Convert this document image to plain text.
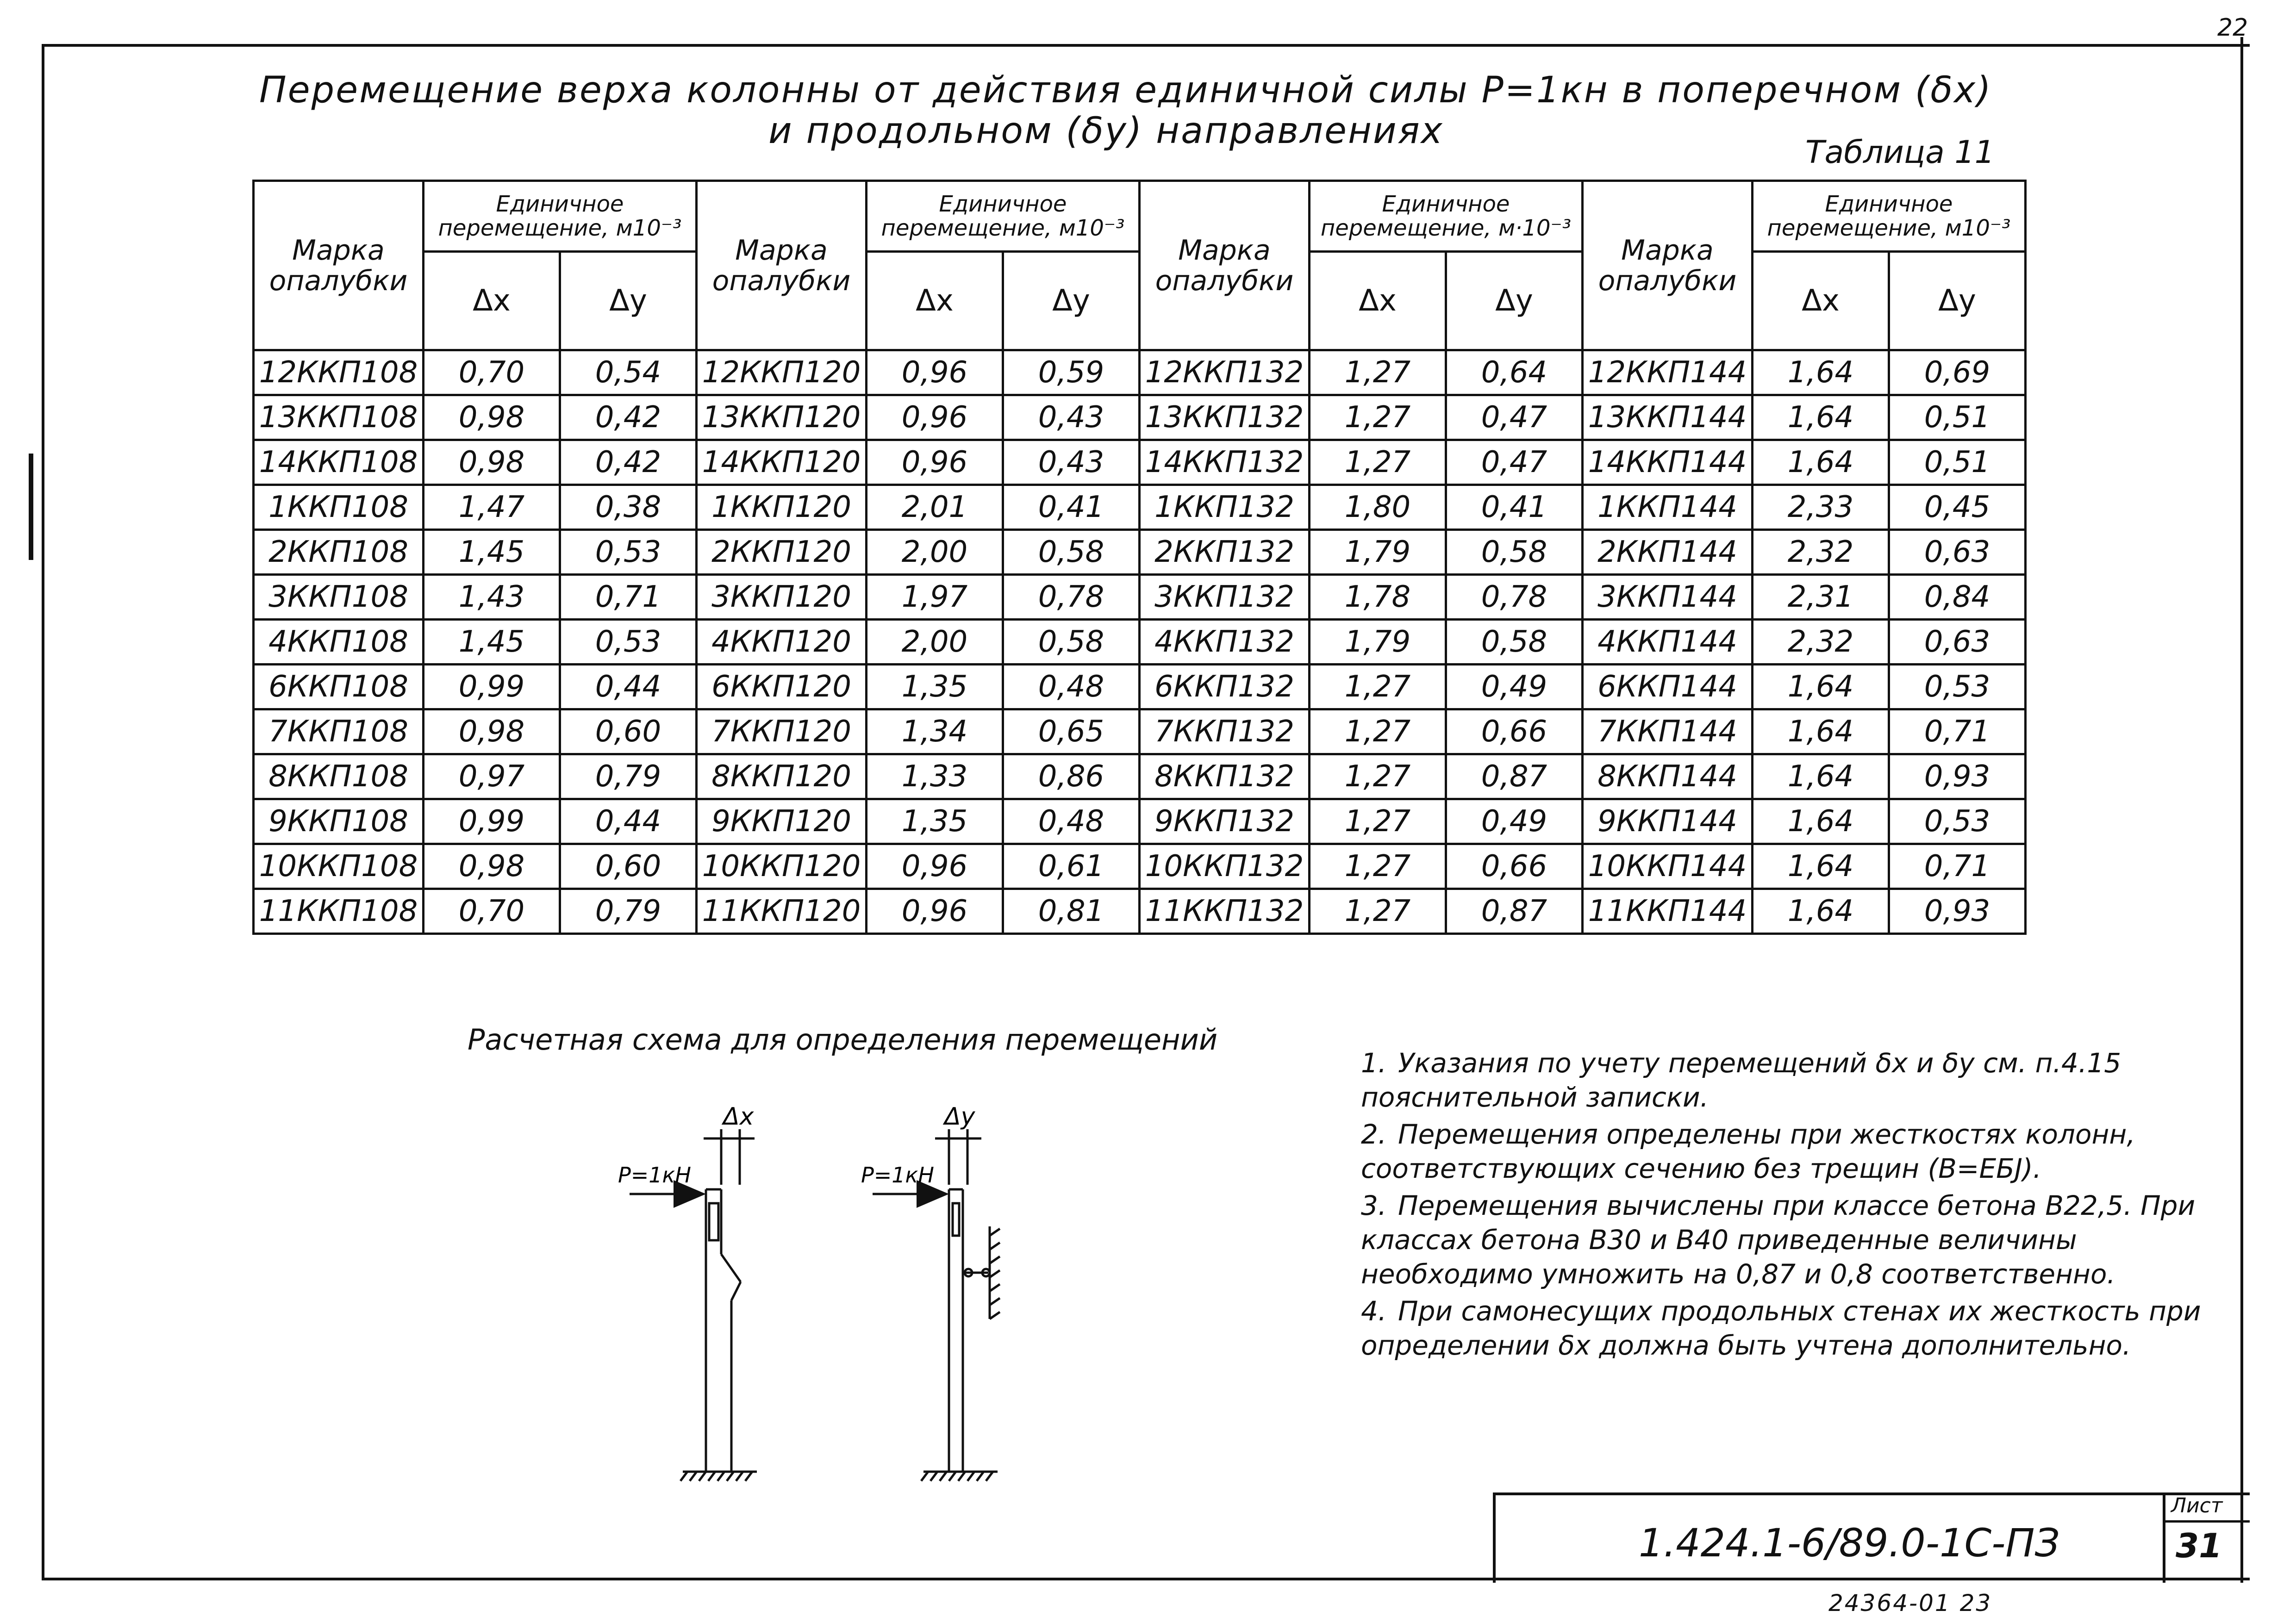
22
Перемещение верха колонны от действия единичной силы P=1кн в поперечном (δx)
и продольном (δy) направлениях
Таблица 11
Марка опалубки	Единичное перемещение, м10⁻³		Марка опалубки	Единичное перемещение, м10⁻³		Марка опалубки	Единичное перемещение, м·10⁻³		Марка опалубки	Единичное перемещение, м10⁻³	
	Δx	Δy		Δx	Δy		Δx	Δy		Δx	Δy
12ККП108	0,70	0,54	12ККП120	0,96	0,59	12ККП132	1,27	0,64	12ККП144	1,64	0,69
13ККП108	0,98	0,42	13ККП120	0,96	0,43	13ККП132	1,27	0,47	13ККП144	1,64	0,51
14ККП108	0,98	0,42	14ККП120	0,96	0,43	14ККП132	1,27	0,47	14ККП144	1,64	0,51
1ККП108	1,47	0,38	1ККП120	2,01	0,41	1ККП132	1,80	0,41	1ККП144	2,33	0,45
2ККП108	1,45	0,53	2ККП120	2,00	0,58	2ККП132	1,79	0,58	2ККП144	2,32	0,63
3ККП108	1,43	0,71	3ККП120	1,97	0,78	3ККП132	1,78	0,78	3ККП144	2,31	0,84
4ККП108	1,45	0,53	4ККП120	2,00	0,58	4ККП132	1,79	0,58	4ККП144	2,32	0,63
6ККП108	0,99	0,44	6ККП120	1,35	0,48	6ККП132	1,27	0,49	6ККП144	1,64	0,53
7ККП108	0,98	0,60	7ККП120	1,34	0,65	7ККП132	1,27	0,66	7ККП144	1,64	0,71
8ККП108	0,97	0,79	8ККП120	1,33	0,86	8ККП132	1,27	0,87	8ККП144	1,64	0,93
9ККП108	0,99	0,44	9ККП120	1,35	0,48	9ККП132	1,27	0,49	9ККП144	1,64	0,53
10ККП108	0,98	0,60	10ККП120	0,96	0,61	10ККП132	1,27	0,66	10ККП144	1,64	0,71
11ККП108	0,70	0,79	11ККП120	0,96	0,81	11ККП132	1,27	0,87	11ККП144	1,64	0,93
Расчетная схема для определения перемещений
Δx	Δy
P=1кН	P=1кН
1. Указания по учету перемещений δx и δy см. п.4.15 пояснительной записки.
2. Перемещения определены при жесткостях колонн, соответствующих сечению без трещин (B=EБJ).
3. Перемещения вычислены при классе бетона B22,5. При классах бетона B30 и B40 приведенные величины необходимо умножить на 0,87 и 0,8 соответственно.
4. При самонесущих продольных стенах их жесткость при определении δx должна быть учтена дополнительно.
1.424.1-6/89.0-1С-ПЗ
Лист
31
24364-01 23
